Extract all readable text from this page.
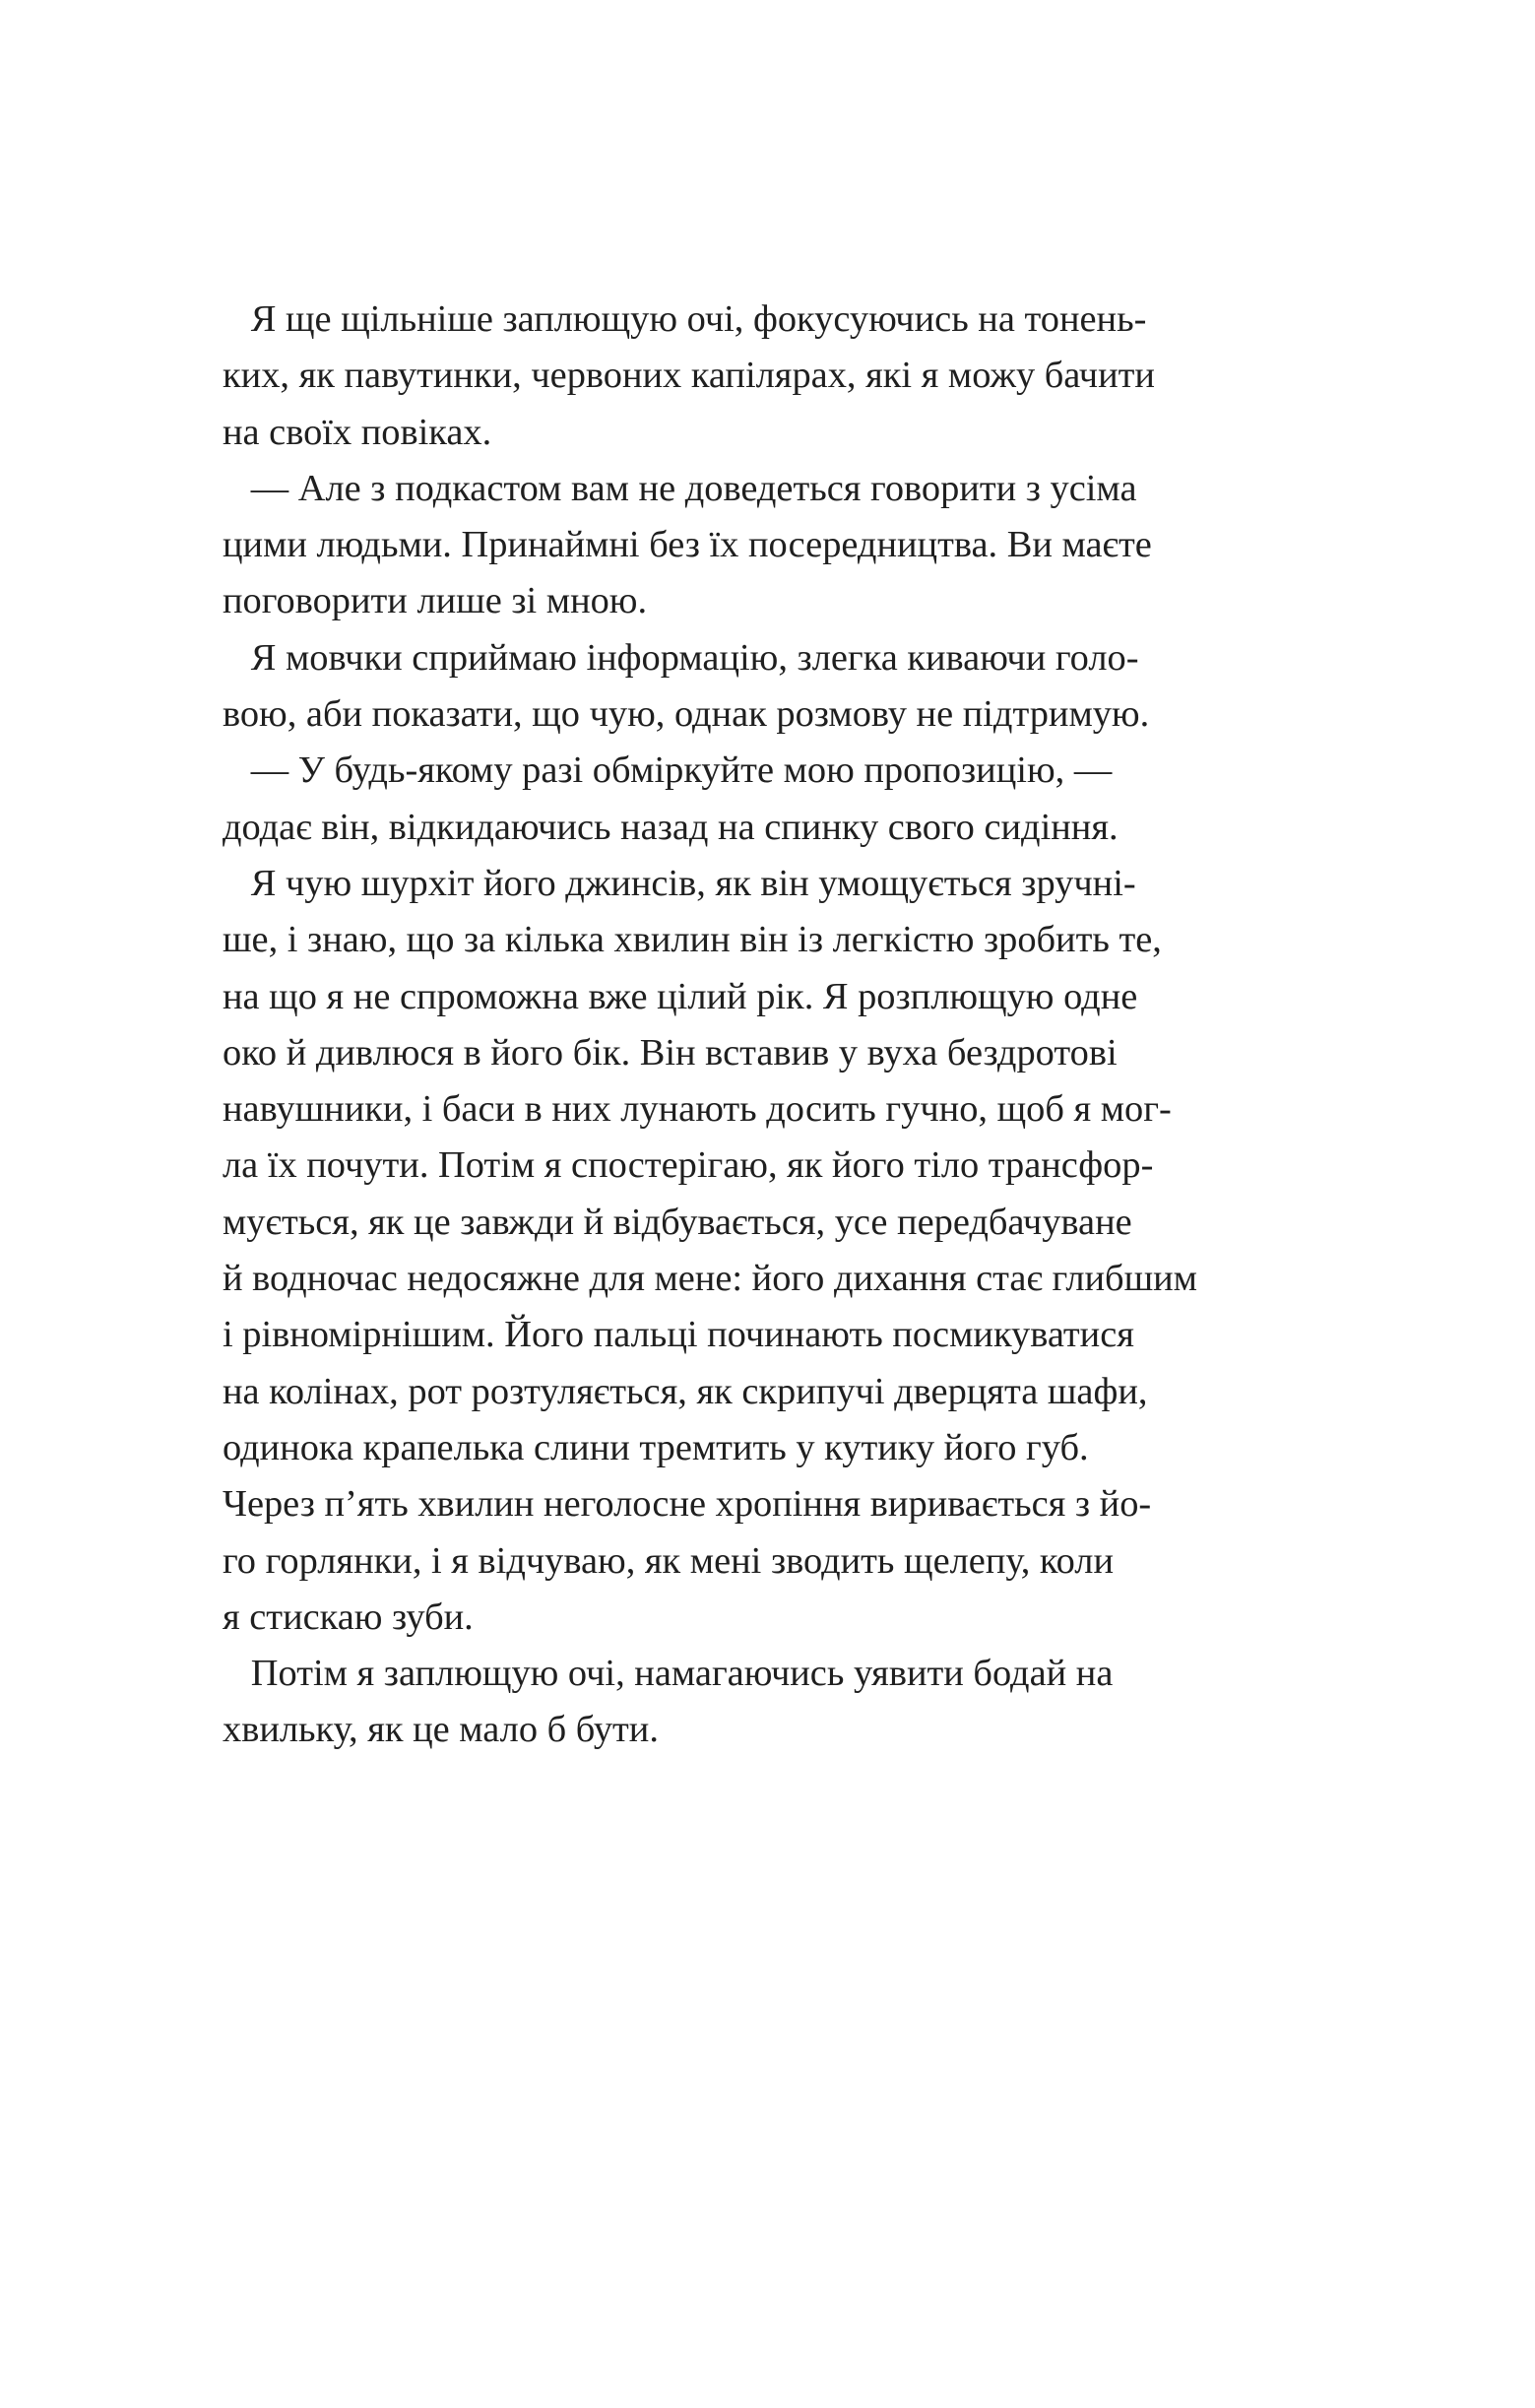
Я ще щільніше заплющую очі, фокусуючись на тонень-
ких, як павутинки, червоних капілярах, які я можу бачити
на своїх повіках.
— Але з подкастом вам не доведеться говорити з усіма
цими людьми. Принаймні без їх посередництва. Ви маєте
поговорити лише зі мною.
Я мовчки сприймаю інформацію, злегка киваючи голо-
вою, аби показати, що чую, однак розмову не підтримую.
— У будь-якому разі обміркуйте мою пропозицію, —
додає він, відкидаючись назад на спинку свого сидіння.
Я чую шурхіт його джинсів, як він умощується зручні-
ше, і знаю, що за кілька хвилин він із легкістю зробить те,
на що я не спроможна вже цілий рік. Я розплющую одне
око й дивлюся в його бік. Він вставив у вуха бездротові
навушники, і баси в них лунають досить гучно, щоб я мог-
ла їх почути. Потім я спостерігаю, як його тіло трансфор-
мується, як це завжди й відбувається, усе передбачуване
й водночас недосяжне для мене: його дихання стає глибшим
і рівномірнішим. Його пальці починають посмикуватися
на колінах, рот розтуляється, як скрипучі дверцята шафи,
одинока крапелька слини тремтить у кутику його губ.
Через п’ять хвилин неголосне хропіння виривається з йо-
го горлянки, і я відчуваю, як мені зводить щелепу, коли
я стискаю зуби.
Потім я заплющую очі, намагаючись уявити бодай на
хвильку, як це мало б бути.
